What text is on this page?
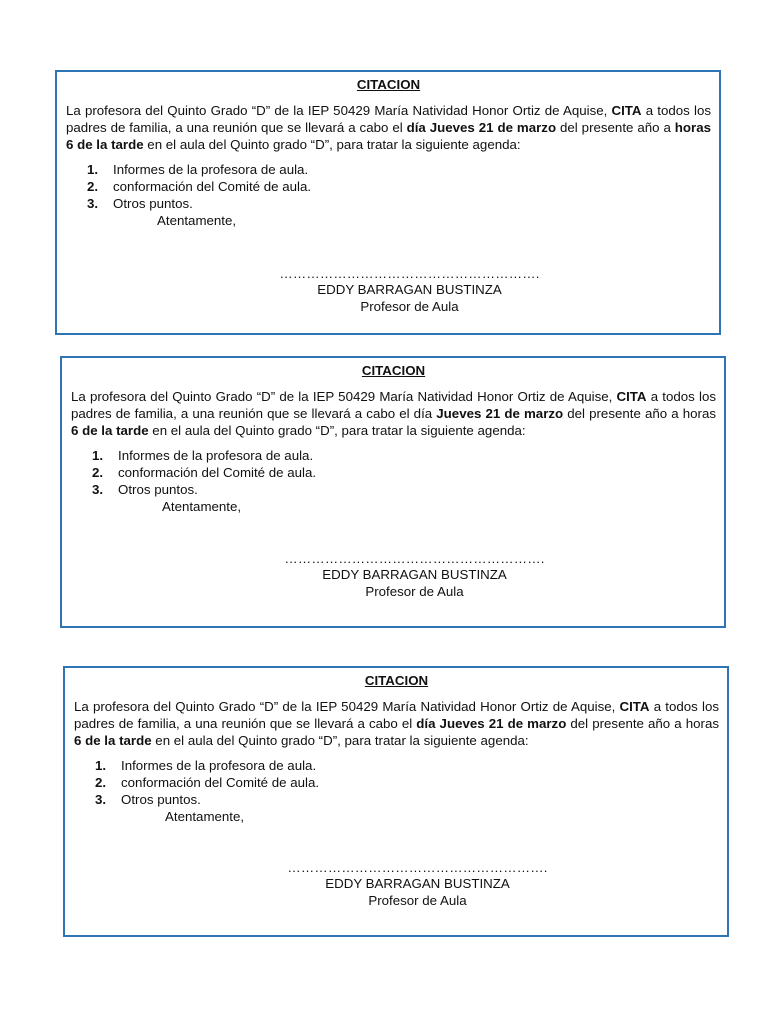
CITACION

La profesora del Quinto Grado “D” de la IEP 50429 María Natividad Honor Ortiz de Aquise, CITA a todos los padres de familia, a una reunión que se llevará a cabo el día Jueves 21 de marzo del presente año a horas 6 de la tarde en el aula del Quinto grado “D”, para tratar la siguiente agenda:

1.	Informes de la profesora de aula.
2.	conformación del Comité de aula.
3.	Otros puntos.

Atentamente,

………………………………………………….
EDDY BARRAGAN BUSTINZA
Profesor de Aula

CITACION

La profesora del Quinto Grado “D” de la IEP 50429 María Natividad Honor Ortiz de Aquise, CITA a todos los padres de familia, a una reunión que se llevará a cabo el día Jueves 21 de marzo del presente año a horas 6 de la tarde en el aula del Quinto grado “D”, para tratar la siguiente agenda:

1.	Informes de la profesora de aula.
2.	conformación del Comité de aula.
3.	Otros puntos.

Atentamente,

………………………………………………….
EDDY BARRAGAN BUSTINZA
Profesor de Aula

CITACION

La profesora del Quinto Grado “D” de la IEP 50429 María Natividad Honor Ortiz de Aquise, CITA a todos los padres de familia, a una reunión que se llevará a cabo el día Jueves 21 de marzo del presente año a horas 6 de la tarde en el aula del Quinto grado “D”, para tratar la siguiente agenda:

1.	Informes de la profesora de aula.
2.	conformación del Comité de aula.
3.	Otros puntos.

Atentamente,

………………………………………………….
EDDY BARRAGAN BUSTINZA
Profesor de Aula
